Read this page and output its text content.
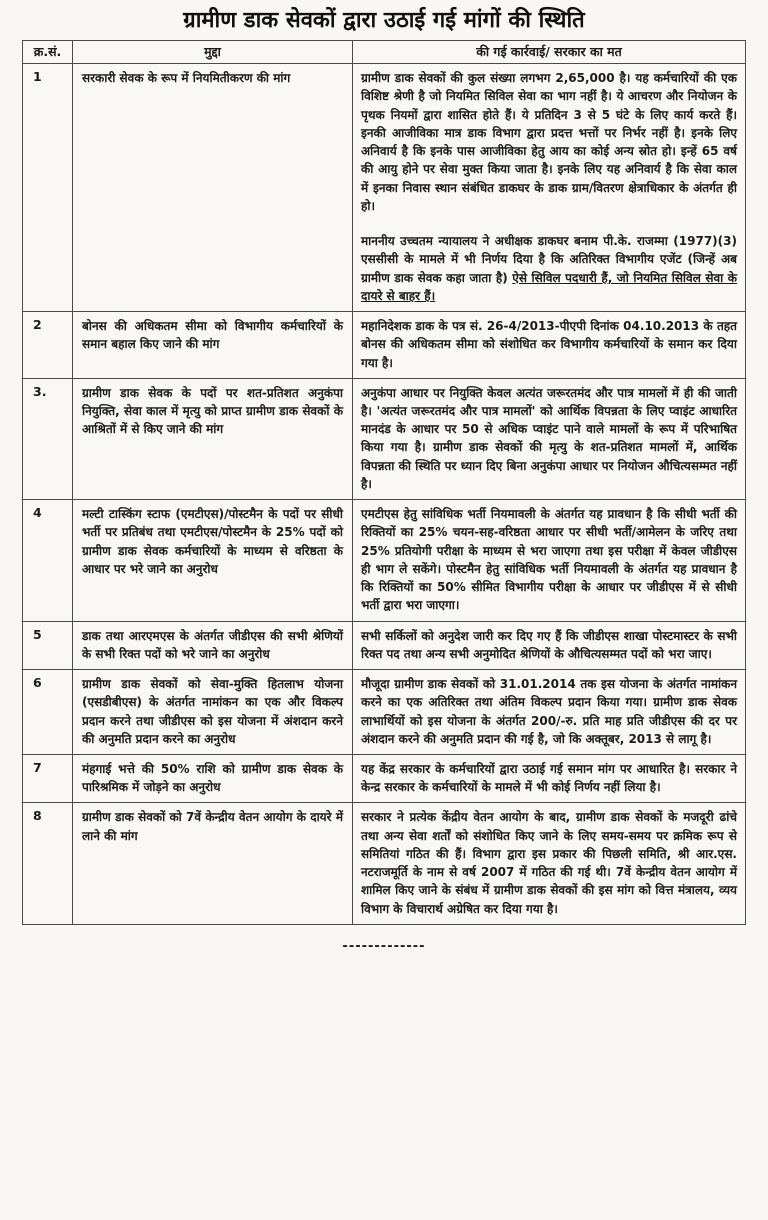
ग्रामीण डाक सेवकों द्वारा उठाई गई मांगों की स्थिति
क्र.सं.	मुद्दा	की गई कार्रवाई/ सरकार का मत
1	सरकारी सेवक के रूप में नियमितीकरण की मांग	ग्रामीण डाक सेवकों की कुल संख्या लगभग 2,65,000 है। यह कर्मचारियों की एक विशिष्ट श्रेणी है जो नियमित सिविल सेवा का भाग नहीं है। ये आचरण और नियोजन के पृथक नियमों द्वारा शासित होते हैं। ये प्रतिदिन 3 से 5 घंटे के लिए कार्य करते हैं। इनकी आजीविका मात्र डाक विभाग द्वारा प्रदत्त भत्तों पर निर्भर नहीं है। इनके लिए अनिवार्य है कि इनके पास आजीविका हेतु आय का कोई अन्य स्रोत हो। इन्हें 65 वर्ष की आयु होने पर सेवा मुक्त किया जाता है। इनके लिए यह अनिवार्य है कि सेवा काल में इनका निवास स्थान संबंधित डाकघर के डाक ग्राम/वितरण क्षेत्राधिकार के अंतर्गत ही हो।

माननीय उच्चतम न्यायालय ने अधीक्षक डाकघर बनाम पी.के. राजम्मा (1977)(3) एससीसी के मामले में भी निर्णय दिया है कि अतिरिक्त विभागीय एजेंट (जिन्हें अब ग्रामीण डाक सेवक कहा जाता है) ऐसे सिविल पदधारी हैं, जो नियमित सिविल सेवा के दायरे से बाहर हैं।

2	बोनस की अधिकतम सीमा को विभागीय कर्मचारियों के समान बहाल किए जाने की मांग	महानिदेशक डाक के पत्र सं. 26-4/2013-पीएपी दिनांक 04.10.2013 के तहत बोनस की अधिकतम सीमा को संशोधित कर विभागीय कर्मचारियों के समान कर दिया गया है।
3.	ग्रामीण डाक सेवक के पदों पर शत-प्रतिशत अनुकंपा नियुक्ति, सेवा काल में मृत्यु को प्राप्त ग्रामीण डाक सेवकों के आश्रितों में से किए जाने की मांग	अनुकंपा आधार पर नियुक्ति केवल अत्यंत जरूरतमंद और पात्र मामलों में ही की जाती है। 'अत्यंत जरूरतमंद और पात्र मामलों' को आर्थिक विपन्नता के लिए प्वाइंट आधारित मानदंड के आधार पर 50 से अधिक प्वाइंट पाने वाले मामलों के रूप में परिभाषित किया गया है। ग्रामीण डाक सेवकों की मृत्यु के शत-प्रतिशत मामलों में, आर्थिक विपन्नता की स्थिति पर ध्यान दिए बिना अनुकंपा आधार पर नियोजन औचित्यसम्मत नहीं है।
4	मल्टी टास्किंग स्टाफ (एमटीएस)/पोस्टमैन के पदों पर सीधी भर्ती पर प्रतिबंध तथा एमटीएस/पोस्टमैन के 25% पदों को ग्रामीण डाक सेवक कर्मचारियों के माध्यम से वरिष्ठता के आधार पर भरे जाने का अनुरोध	एमटीएस हेतु सांविधिक भर्ती नियमावली के अंतर्गत यह प्रावधान है कि सीधी भर्ती की रिक्तियों का 25% चयन-सह-वरिष्ठता आधार पर सीधी भर्ती/आमेलन के जरिए तथा 25% प्रतियोगी परीक्षा के माध्यम से भरा जाएगा तथा इस परीक्षा में केवल जीडीएस ही भाग ले सकेंगे। पोस्टमैन हेतु सांविधिक भर्ती नियमावली के अंतर्गत यह प्रावधान है कि रिक्तियों का 50% सीमित विभागीय परीक्षा के आधार पर जीडीएस में से सीधी भर्ती द्वारा भरा जाएगा।
5	डाक तथा आरएमएस के अंतर्गत जीडीएस की सभी श्रेणियों के सभी रिक्त पदों को भरे जाने का अनुरोध	सभी सर्किलों को अनुदेश जारी कर दिए गए हैं कि जीडीएस शाखा पोस्टमास्टर के सभी रिक्त पद तथा अन्य सभी अनुमोदित श्रेणियों के औचित्यसम्मत पदों को भरा जाए।
6	ग्रामीण डाक सेवकों को सेवा-मुक्ति हितलाभ योजना (एसडीबीएस) के अंतर्गत नामांकन का एक और विकल्प प्रदान करने तथा जीडीएस को इस योजना में अंशदान करने की अनुमति प्रदान करने का अनुरोध	मौजूदा ग्रामीण डाक सेवकों को 31.01.2014 तक इस योजना के अंतर्गत नामांकन करने का एक अतिरिक्त तथा अंतिम विकल्प प्रदान किया गया। ग्रामीण डाक सेवक लाभार्थियों को इस योजना के अंतर्गत 200/-रु. प्रति माह प्रति जीडीएस की दर पर अंशदान करने की अनुमति प्रदान की गई है, जो कि अक्तूबर, 2013 से लागू है।
7	मंहगाई भत्ते की 50% राशि को ग्रामीण डाक सेवक के पारिश्रमिक में जोड़ने का अनुरोध	यह केंद्र सरकार के कर्मचारियों द्वारा उठाई गई समान मांग पर आधारित है। सरकार ने केन्द्र सरकार के कर्मचारियों के मामले में भी कोई निर्णय नहीं लिया है।
8	ग्रामीण डाक सेवकों को 7वें केन्द्रीय वेतन आयोग के दायरे में लाने की मांग	सरकार ने प्रत्येक केंद्रीय वेतन आयोग के बाद, ग्रामीण डाक सेवकों के मजदूरी ढांचे तथा अन्य सेवा शर्तों को संशोधित किए जाने के लिए समय-समय पर क्रमिक रूप से समितियां गठित की हैं। विभाग द्वारा इस प्रकार की पिछली समिति, श्री आर.एस. नटराजमूर्ति के नाम से वर्ष 2007 में गठित की गई थी। 7वें केन्द्रीय वेतन आयोग में शामिल किए जाने के संबंध में ग्रामीण डाक सेवकों की इस मांग को वित्त मंत्रालय, व्यय विभाग के विचारार्थ अग्रेषित कर दिया गया है।
-------------
